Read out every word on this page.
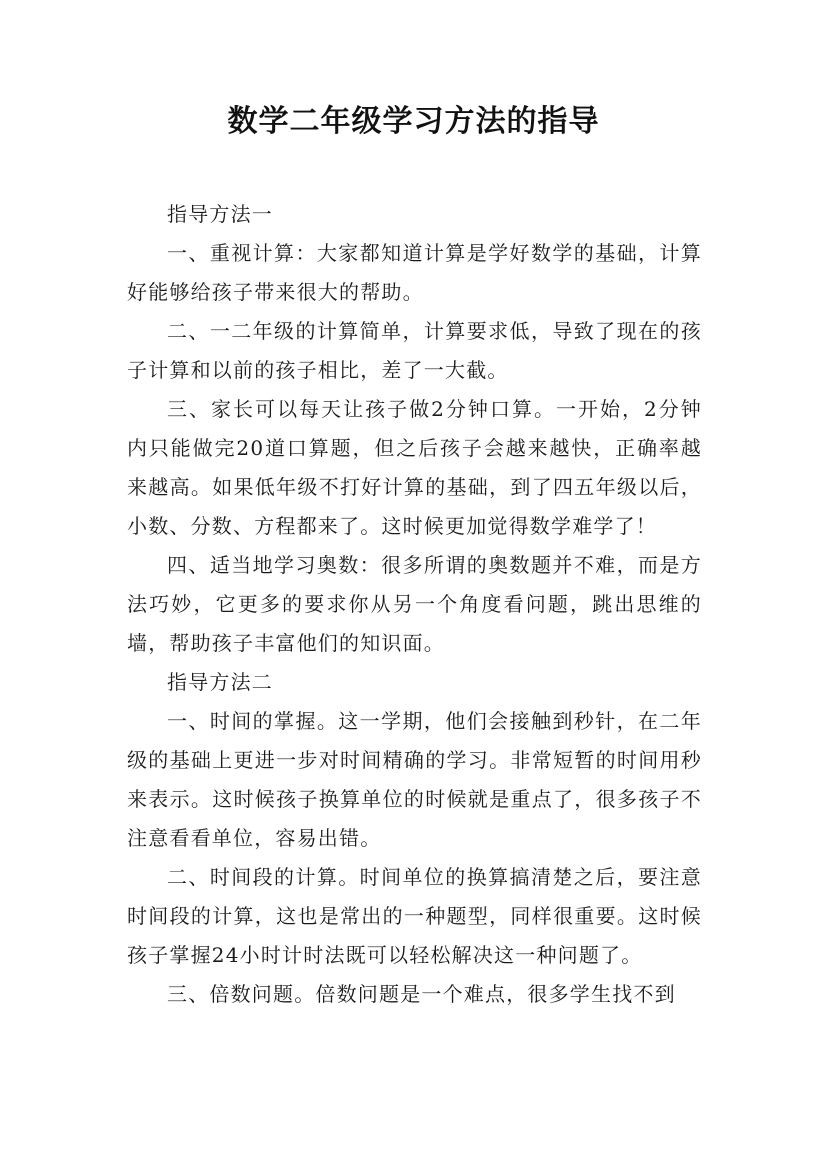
数学二年级学习方法的指导

指导方法一

一、重视计算：大家都知道计算是学好数学的基础，计算好能够给孩子带来很大的帮助。

二、一二年级的计算简单，计算要求低，导致了现在的孩子计算和以前的孩子相比，差了一大截。

三、家长可以每天让孩子做2分钟口算。一开始，2分钟内只能做完20道口算题，但之后孩子会越来越快，正确率越来越高。如果低年级不打好计算的基础，到了四五年级以后，小数、分数、方程都来了。这时候更加觉得数学难学了！

四、适当地学习奥数：很多所谓的奥数题并不难，而是方法巧妙，它更多的要求你从另一个角度看问题，跳出思维的墙，帮助孩子丰富他们的知识面。

指导方法二

一、时间的掌握。这一学期，他们会接触到秒针，在二年级的基础上更进一步对时间精确的学习。非常短暂的时间用秒来表示。这时候孩子换算单位的时候就是重点了，很多孩子不注意看看单位，容易出错。

二、时间段的计算。时间单位的换算搞清楚之后，要注意时间段的计算，这也是常出的一种题型，同样很重要。这时候孩子掌握24小时计时法既可以轻松解决这一种问题了。

三、倍数问题。倍数问题是一个难点，很多学生找不到
